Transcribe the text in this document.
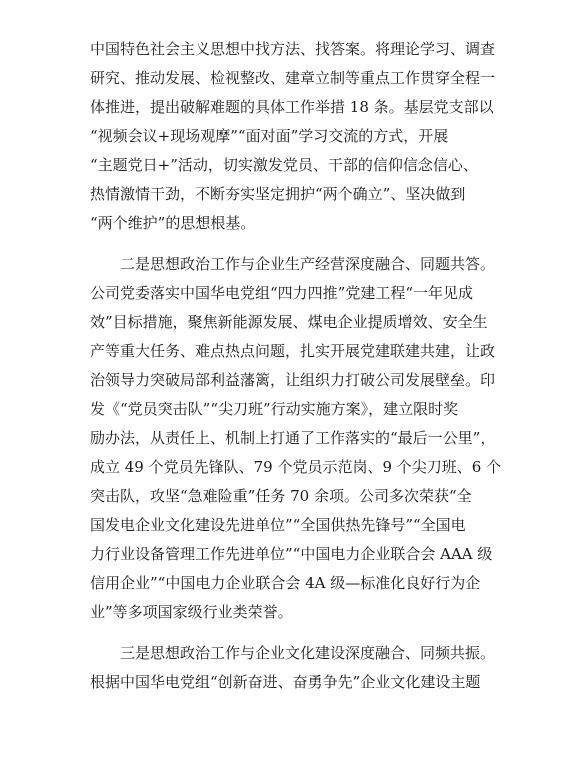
中国特色社会主义思想中找方法、找答案。将理论学习、调查
研究、推动发展、检视整改、建章立制等重点工作贯穿全程一
体推进，提出破解难题的具体工作举措 18 条。基层党支部以
“视频会议+现场观摩”“面对面”学习交流的方式，开展
“主题党日+”活动，切实激发党员、干部的信仰信念信心、
热情激情干劲，不断夯实坚定拥护“两个确立”、坚决做到
“两个维护”的思想根基。
　　二是思想政治工作与企业生产经营深度融合、同题共答。
公司党委落实中国华电党组“四力四推”党建工程“一年见成
效”目标措施，聚焦新能源发展、煤电企业提质增效、安全生
产等重大任务、难点热点问题，扎实开展党建联建共建，让政
治领导力突破局部利益藩篱，让组织力打破公司发展壁垒。印
发《“党员突击队”“尖刀班”行动实施方案》，建立限时奖
励办法，从责任上、机制上打通了工作落实的“最后一公里”，
成立 49 个党员先锋队、79 个党员示范岗、9 个尖刀班、6 个
突击队，攻坚“急难险重”任务 70 余项。公司多次荣获“全
国发电企业文化建设先进单位”“全国供热先锋号”“全国电
力行业设备管理工作先进单位”“中国电力企业联合会 AAA 级
信用企业”“中国电力企业联合会 4A 级—标准化良好行为企
业”等多项国家级行业类荣誉。
　　三是思想政治工作与企业文化建设深度融合、同频共振。
根据中国华电党组“创新奋进、奋勇争先”企业文化建设主题
